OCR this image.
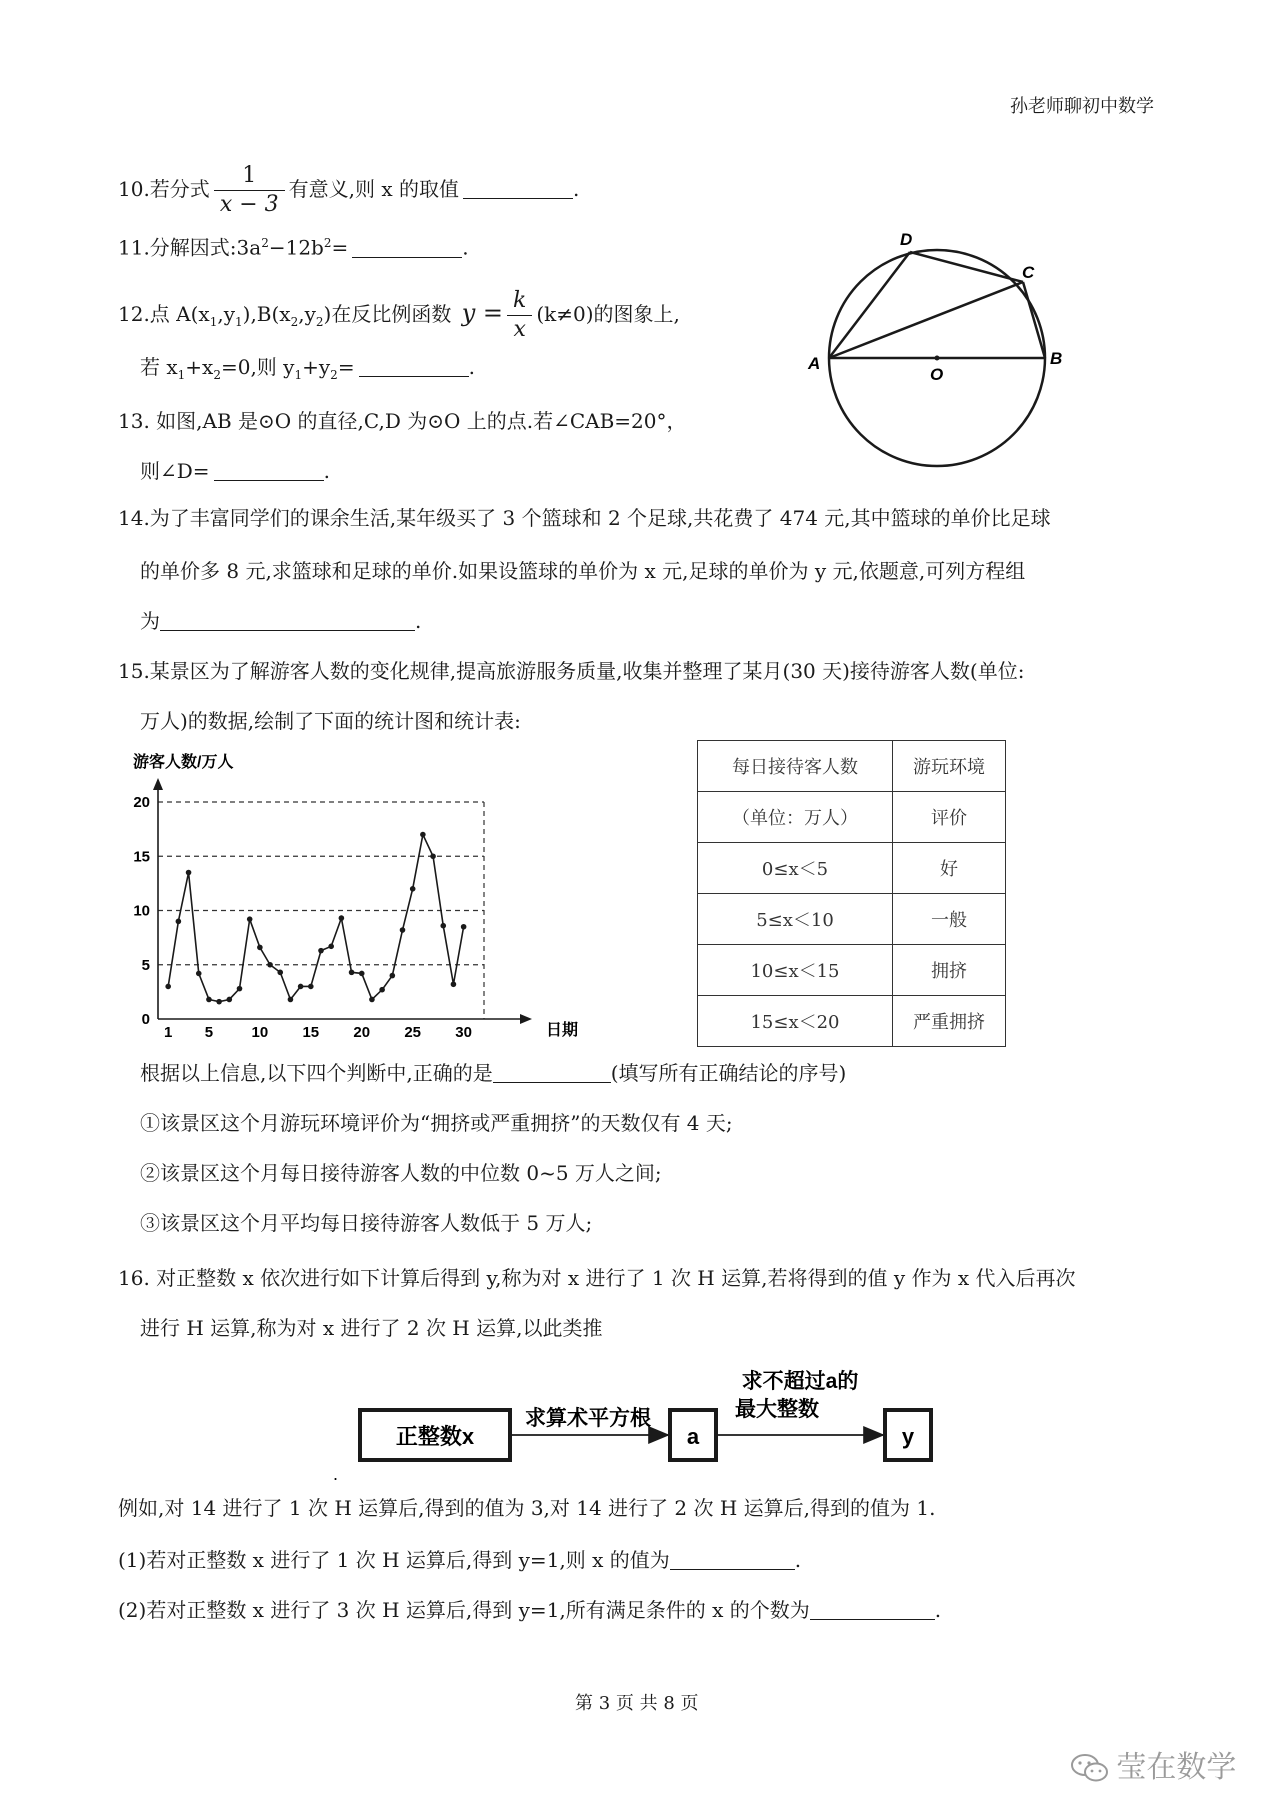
孙老师聊初中数学
10.若分式 $\frac{1}{x - 3}$ 有意义,则 x 的取值	.
11.分解因式$:3a^2-12b^2=$	.
12.点 $A(x_1,y_1),B(x_2,y_2)$在反比例函数 $y = \frac{k}{x} (k\ne 0)$的图象上,
若 $x_1+x_2=0$,则 $y_1+y_2=$	.
13. 如图,AB 是⊙O 的直径,C,D 为⊙O 上的点.若∠CAB=20°，
则∠D=	.
A	B
C
D
O
14.为了丰富同学们的课余生活,某年级买了 3 个篮球和 2 个足球,共花费了 474 元,其中篮球的单价比足球
的单价多 8 元,求篮球和足球的单价.如果设篮球的单价为 x 元,足球的单价为 y 元,依题意,可列方程组
为	.
15.某景区为了解游客人数的变化规律,提高旅游服务质量,收集并整理了某月(30 天)接待游客人数(单位:
万人)的数据,绘制了下面的统计图和统计表:
游客人数/万人
日期
0
5
10
15
20
1 5	10 15 20 25 30
每日接待客人数	游玩环境
（单位：万人）	评价
0≤x＜5	好
5≤x＜10	一般
10≤x＜15	拥挤
15≤x＜20	严重拥挤
根据以上信息,以下四个判断中,正确的是	(填写所有正确结论的序号)
①该景区这个月游玩环境评价为“拥挤或严重拥挤”的天数仅有 4 天;
②该景区这个月每日接待游客人数的中位数 0~5 万人之间;
③该景区这个月平均每日接待游客人数低于 5 万人;
16. 对正整数 x 依次进行如下计算后得到 y,称为对 x 进行了 1 次 H 运算,若将得到的值 y 作为 x 代入后再次
进行 H 运算,称为对 x 进行了 2 次 H 运算,以此类推
正整数x
求算术平方根
a
求不超过a的
最大整数
y
.
例如,对 14 进行了 1 次 H 运算后,得到的值为 3,对 14 进行了 2 次 H 运算后,得到的值为 1.
(1)若对正整数 x 进行了 1 次 H 运算后,得到 y=1,则 x 的值为	.
(2)若对正整数 x 进行了 3 次 H 运算后,得到 y=1,所有满足条件的 x 的个数为	.
第 3 页 共 8 页
莹在数学
